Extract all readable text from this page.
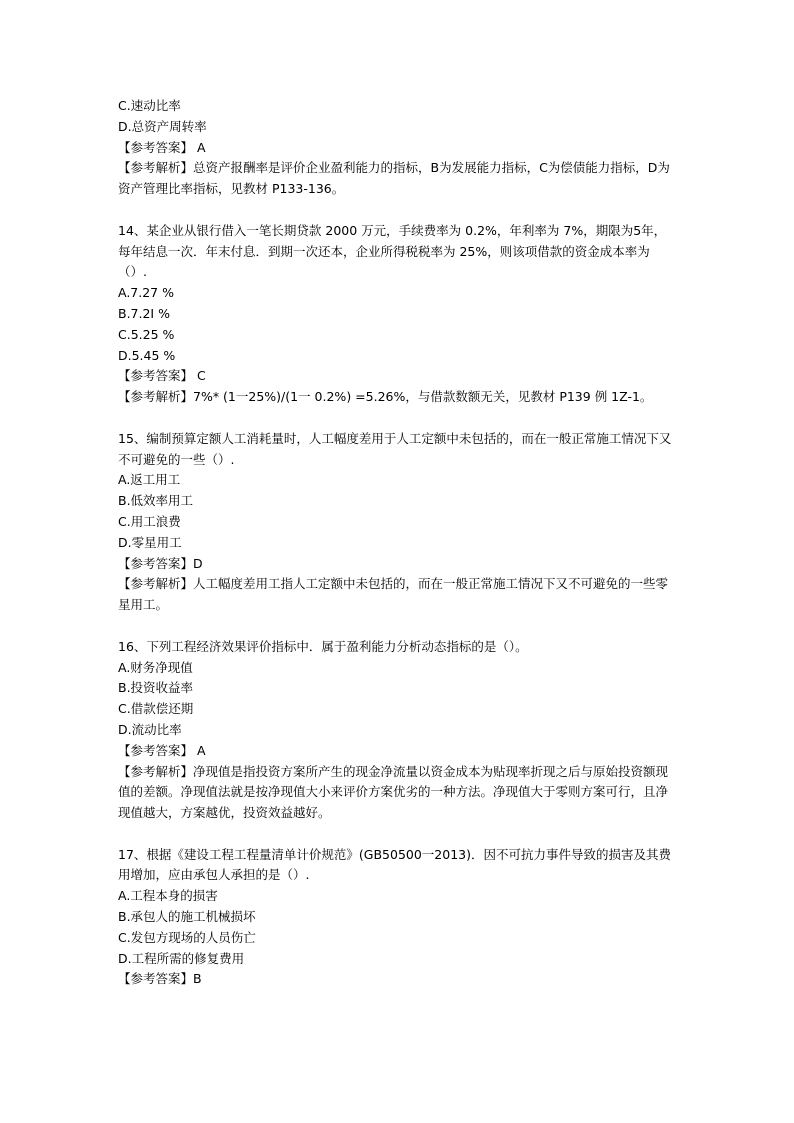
C.速动比率
D.总资产周转率
【参考答案】 A
【参考解析】总资产报酬率是评价企业盈利能力的指标，B为发展能力指标，C为偿债能力指标，D为资产管理比率指标，见教材 P133-136。
14、某企业从银行借入一笔长期贷款 2000 万元，手续费率为 0.2%，年利率为 7%，期限为5年，每年结息一次．年末付息．到期一次还本，企业所得税税率为 25%，则该项借款的资金成本率为（）.
A.7.27 %
B.7.2I %
C.5.25 %
D.5.45 %
【参考答案】 C
【参考解析】7%* (1一25%)/(1一 0.2%) =5.26%，与借款数额无关，见教材 P139 例 1Z-1。
15、编制预算定额人工消耗量时，人工幅度差用于人工定额中未包括的，而在一般正常施工情况下又不可避免的一些（）.
A.返工用工
B.低效率用工
C.用工浪费
D.零星用工
【参考答案】D
【参考解析】人工幅度差用工指人工定额中未包括的，而在一般正常施工情况下又不可避免的一些零星用工。
16、下列工程经济效果评价指标中．属于盈利能力分析动态指标的是（）。
A.财务净现值
B.投资收益率
C.借款偿还期
D.流动比率
【参考答案】 A
【参考解析】净现值是指投资方案所产生的现金净流量以资金成本为贴现率折现之后与原始投资额现值的差额。净现值法就是按净现值大小来评价方案优劣的一种方法。净现值大于零则方案可行，且净现值越大，方案越优，投资效益越好。
17、根据《建设工程工程量清单计价规范》(GB50500一2013)．因不可抗力事件导致的损害及其费用增加，应由承包人承担的是（）.
A.工程本身的损害
B.承包人的施工机械损坏
C.发包方现场的人员伤亡
D.工程所需的修复费用
【参考答案】B
